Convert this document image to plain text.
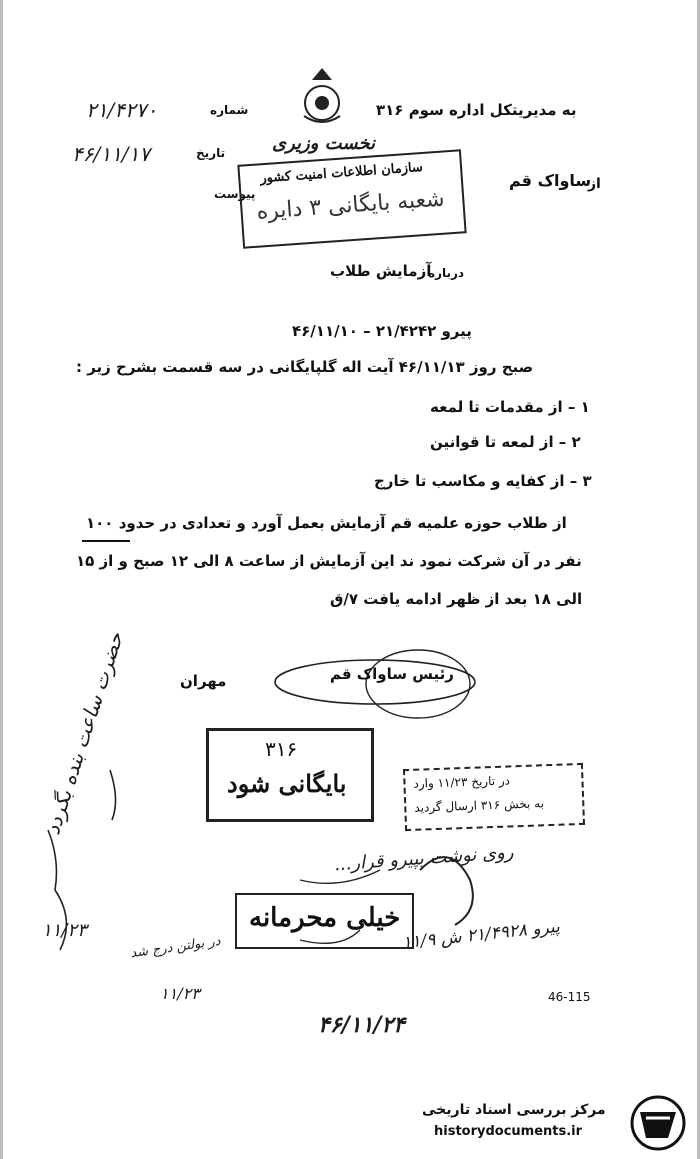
نخست وزیری
شماره
۲۱/۴۲۷۰
تاریخ
۴۶/۱۱/۱۷
پیوست
به مدیریتکل اداره سوم ۳۱۶
از
ساواک قم
سازمان اطلاعات امنیت کشور
شعبه بایگانی ۳ دایره
درباره
آزمایش طلاب
پیرو ۲۱/۴۲۴۲ – ۴۶/۱۱/۱۰
صبح روز ۴۶/۱۱/۱۳ آیت اله گلپایگانی در سه قسمت بشرح زیر :
۱ – از مقدمات تا لمعه
۲ – از لمعه تا قوانین
۳ – از کفایه و مکاسب تا خارج
از طلاب حوزه علمیه قم آزمایش بعمل آورد و تعدادی در حدود ۱۰۰
نفر در آن شرکت نمود ند این آزمایش از ساعت ۸ الی ۱۲ صبح و از ۱۵
الی ۱۸ بعد از ظهر ادامه یافت ۷/ق
رئیس ساواک قم
مهران
۳۱۶
بایگانی شود	در تاریخ ۱۱/۲۳ وارد
به بخش ۳۱۶ ارسال گردید
حضرت ساعت بنده بگردد
۱۱/۲۳
در بولتن درج شد
۱۱/۲۳
روی نوشت بپیرو قرار...
پیرو ۲۱/۴۹۲۸ ش ۱۱/۹
خیلی محرمانه
46-115
۴۶/۱۱/۲۴
مرکز بررسی اسناد تاریخی
historydocuments.ir
